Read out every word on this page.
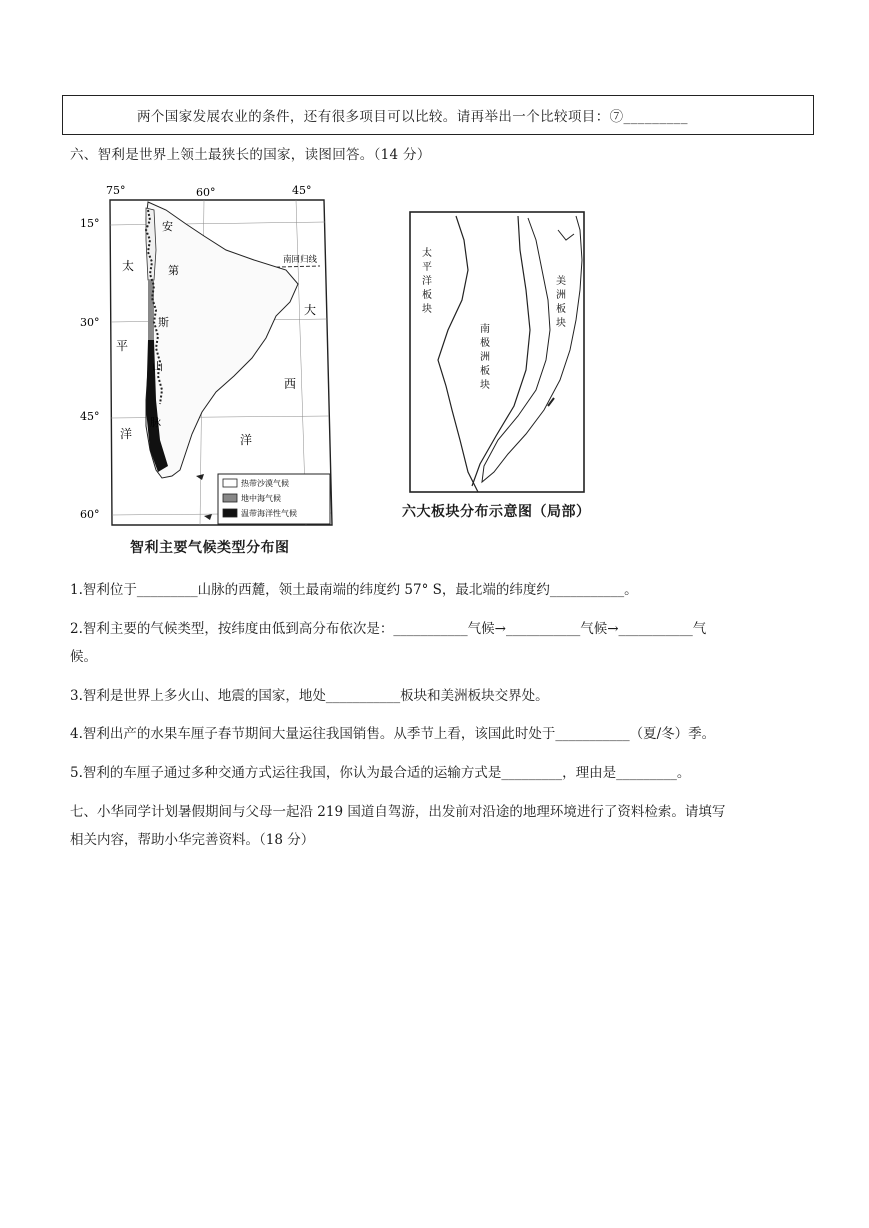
两个国家发展农业的条件，还有很多项目可以比较。请再举出一个比较项目：⑦_________
六、智利是世界上领土最狭长的国家，读图回答。（14 分）
75°	60°	45°
15°
30°
45°
60°
南回归线
安
第
斯
山
脉
太
平
洋
大
西
洋
热带沙漠气候
地中海气候
温带海洋性气候
智利主要气候类型分布图
太平洋板块
南极洲板块
美洲板块
六大板块分布示意图（局部）
1.智利位于_________山脉的西麓，领土最南端的纬度约 57° S，最北端的纬度约___________。
2.智利主要的气候类型，按纬度由低到高分布依次是：___________气候→___________气候→___________气
候。
3.智利是世界上多火山、地震的国家，地处___________板块和美洲板块交界处。
4.智利出产的水果车厘子春节期间大量运往我国销售。从季节上看，该国此时处于___________（夏/冬）季。
5.智利的车厘子通过多种交通方式运往我国，你认为最合适的运输方式是_________，理由是_________。
七、小华同学计划暑假期间与父母一起沿 219 国道自驾游，出发前对沿途的地理环境进行了资料检索。请填写
相关内容，帮助小华完善资料。（18 分）
